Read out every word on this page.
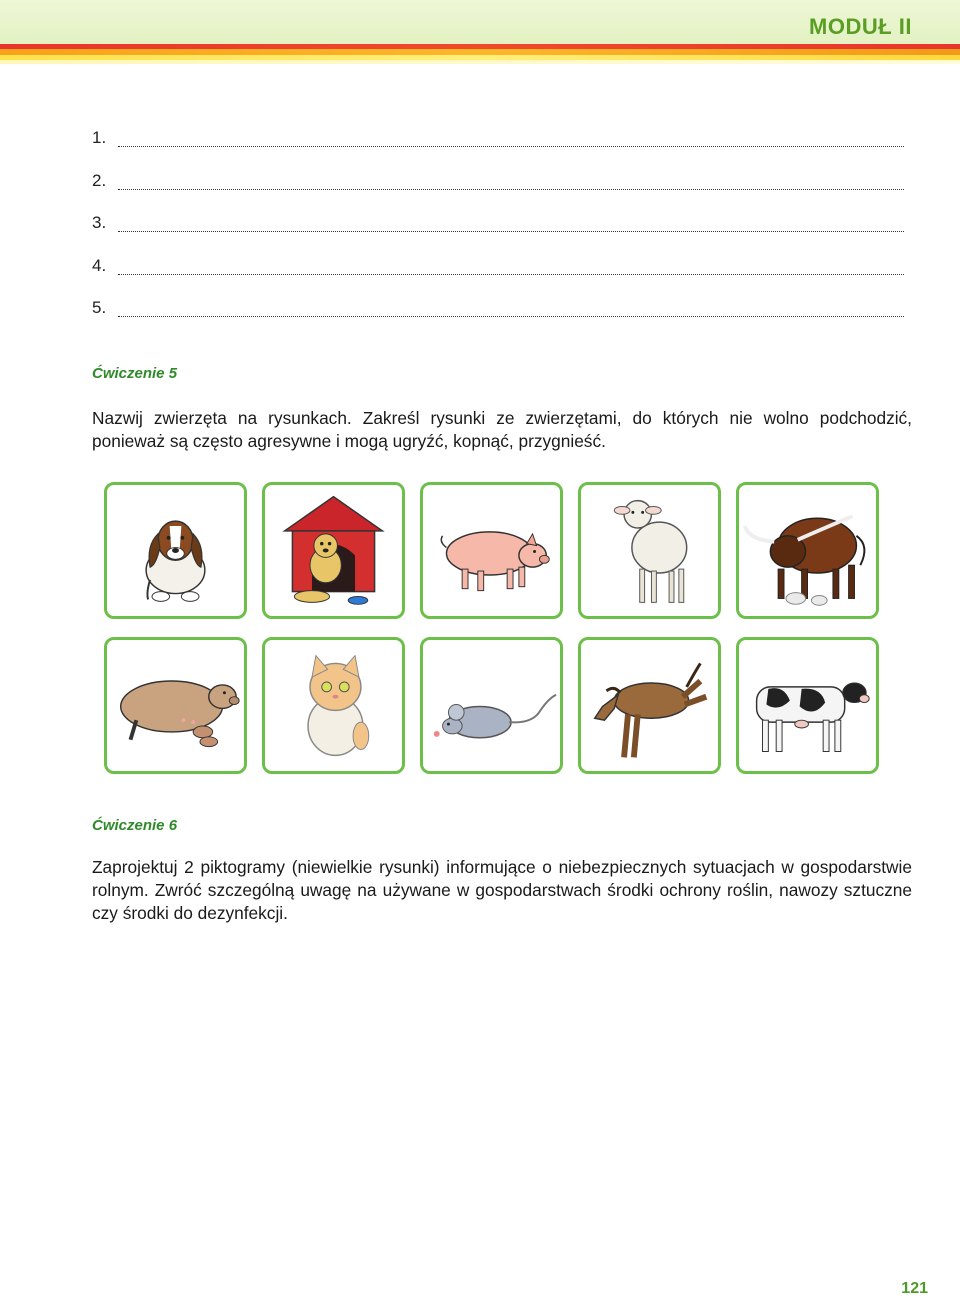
MODUŁ II
1.
2.
3.
4.
5.
Ćwiczenie 5
Nazwij zwierzęta na rysunkach. Zakreśl rysunki ze zwierzętami, do których nie wolno podchodzić, ponieważ są często agresywne i mogą ugryźć, kopnąć, przygnieść.
Ćwiczenie 6
Zaprojektuj 2 piktogramy (niewielkie rysunki) informujące o niebezpiecznych sytuacjach w gospodarstwie rolnym. Zwróć szczególną uwagę na używane w gospodarstwach środki ochrony roślin, nawozy sztuczne czy środki do dezynfekcji.
121
